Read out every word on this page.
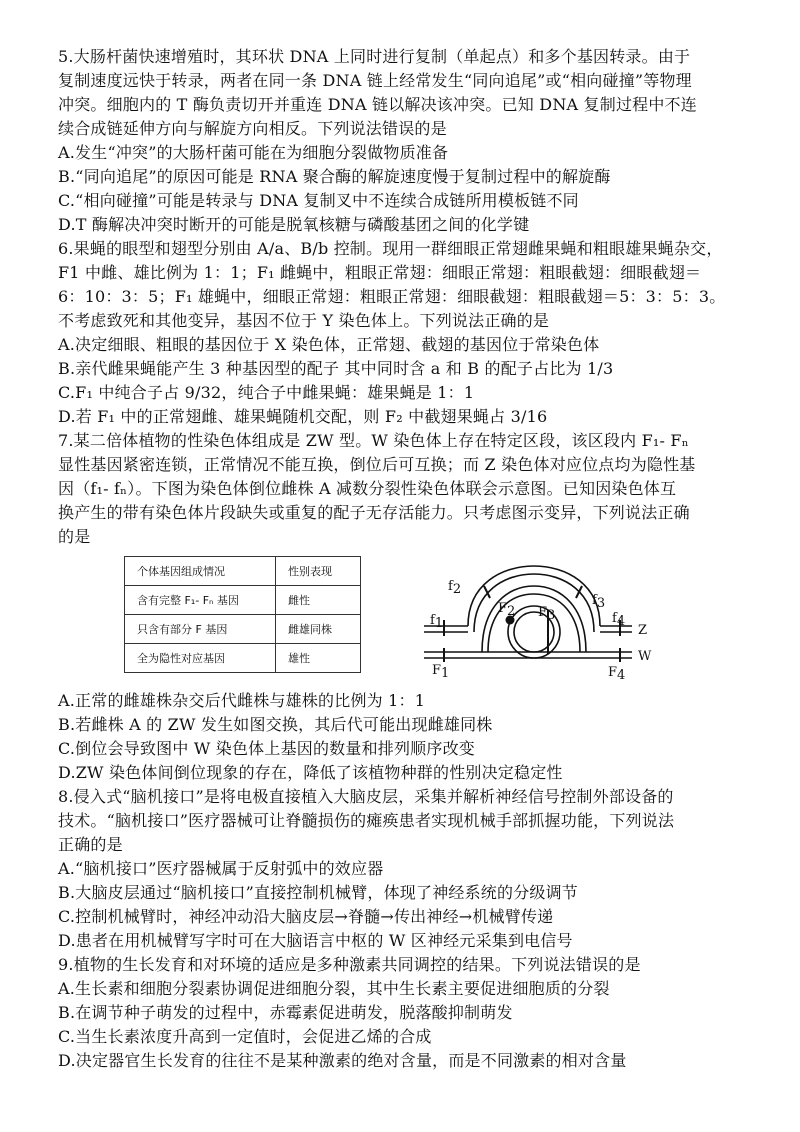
5.大肠杆菌快速增殖时，其环状 DNA 上同时进行复制（单起点）和多个基因转录。由于
复制速度远快于转录，两者在同一条 DNA 链上经常发生“同向追尾”或“相向碰撞”等物理
冲突。细胞内的 T 酶负责切开并重连 DNA 链以解决该冲突。已知 DNA 复制过程中不连
续合成链延伸方向与解旋方向相反。下列说法错误的是
A.发生“冲突”的大肠杆菌可能在为细胞分裂做物质准备
B.“同向追尾”的原因可能是 RNA 聚合酶的解旋速度慢于复制过程中的解旋酶
C.“相向碰撞”可能是转录与 DNA 复制叉中不连续合成链所用模板链不同
D.T 酶解决冲突时断开的可能是脱氧核糖与磷酸基团之间的化学键
6.果蝇的眼型和翅型分别由 A/a、B/b 控制。现用一群细眼正常翅雌果蝇和粗眼雄果蝇杂交，
F1 中雌、雄比例为 1：1；F₁ 雌蝇中，粗眼正常翅：细眼正常翅：粗眼截翅：细眼截翅＝
6：10：3：5；F₁ 雄蝇中，细眼正常翅：粗眼正常翅：细眼截翅：粗眼截翅＝5：3：5：3。
不考虑致死和其他变异，基因不位于 Y 染色体上。下列说法正确的是
A.决定细眼、粗眼的基因位于 X 染色体，正常翅、截翅的基因位于常染色体
B.亲代雌果蝇能产生 3 种基因型的配子 其中同时含 a 和 B 的配子占比为 1/3
C.F₁ 中纯合子占 9/32，纯合子中雌果蝇：雄果蝇是 1：1
D.若 F₁ 中的正常翅雌、雄果蝇随机交配，则 F₂ 中截翅果蝇占 3/16
7.某二倍体植物的性染色体组成是 ZW 型。W 染色体上存在特定区段，该区段内 F₁- Fₙ
显性基因紧密连锁，正常情况不能互换，倒位后可互换；而 Z 染色体对应位点均为隐性基
因（f₁- fₙ）。下图为染色体倒位雌株 A 减数分裂性染色体联会示意图。已知因染色体互
换产生的带有染色体片段缺失或重复的配子无存活能力。只考虑图示变异，下列说法正确
的是
个体基因组成情况	性别表现
含有完整 F₁- Fₙ 基因	雌性
只含有部分 F 基因	雌雄同株
全为隐性对应基因	雄性
f1
f2
f3
f4
F1
F2 F3
F4
Z
W
A.正常的雌雄株杂交后代雌株与雄株的比例为 1：1
B.若雌株 A 的 ZW 发生如图交换，其后代可能出现雌雄同株
C.倒位会导致图中 W 染色体上基因的数量和排列顺序改变
D.ZW 染色体间倒位现象的存在，降低了该植物种群的性别决定稳定性
8.侵入式“脑机接口”是将电极直接植入大脑皮层，采集并解析神经信号控制外部设备的
技术。“脑机接口”医疗器械可让脊髓损伤的瘫痪患者实现机械手部抓握功能，下列说法
正确的是
A.“脑机接口”医疗器械属于反射弧中的效应器
B.大脑皮层通过“脑机接口”直接控制机械臂，体现了神经系统的分级调节
C.控制机械臂时，神经冲动沿大脑皮层→脊髓→传出神经→机械臂传递
D.患者在用机械臂写字时可在大脑语言中枢的 W 区神经元采集到电信号
9.植物的生长发育和对环境的适应是多种激素共同调控的结果。下列说法错误的是
A.生长素和细胞分裂素协调促进细胞分裂，其中生长素主要促进细胞质的分裂
B.在调节种子萌发的过程中，赤霉素促进萌发，脱落酸抑制萌发
C.当生长素浓度升高到一定值时，会促进乙烯的合成
D.决定器官生长发育的往往不是某种激素的绝对含量，而是不同激素的相对含量
